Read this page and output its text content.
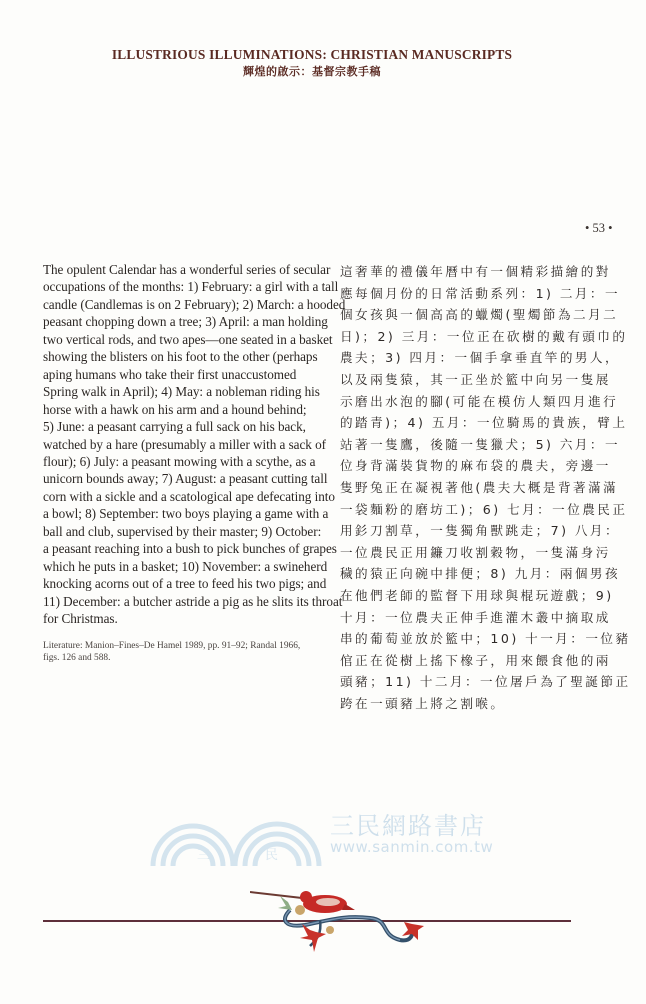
ILLUSTRIOUS ILLUMINATIONS: CHRISTIAN MANUSCRIPTS
輝煌的啟示：基督宗教手稿
• 53 •
The opulent Calendar has a wonderful series of secular
occupations of the months: 1) February: a girl with a tall
candle (Candlemas is on 2 February); 2) March: a hooded
peasant chopping down a tree; 3) April: a man holding
two vertical rods, and two apes—one seated in a basket
showing the blisters on his foot to the other (perhaps
aping humans who take their first unaccustomed
Spring walk in April); 4) May: a nobleman riding his
horse with a hawk on his arm and a hound behind;
5) June: a peasant carrying a full sack on his back,
watched by a hare (presumably a miller with a sack of
flour); 6) July: a peasant mowing with a scythe, as a
unicorn bounds away; 7) August: a peasant cutting tall
corn with a sickle and a scatological ape defecating into
a bowl; 8) September: two boys playing a game with a
ball and club, supervised by their master; 9) October:
a peasant reaching into a bush to pick bunches of grapes
which he puts in a basket; 10) November: a swineherd
knocking acorns out of a tree to feed his two pigs; and
11) December: a butcher astride a pig as he slits its throat
for Christmas.
Literature: Manion–Fines–De Hamel 1989, pp. 91–92; Randal 1966,
figs. 126 and 588.
這奢華的禮儀年曆中有一個精彩描繪的對
應每個月份的日常活動系列：1) 二月：一
個女孩與一個高高的蠟燭(聖燭節為二月二
日)；2) 三月：一位正在砍樹的戴有頭巾的
農夫；3) 四月：一個手拿垂直竿的男人，
以及兩隻猿，其一正坐於籃中向另一隻展
示磨出水泡的腳(可能在模仿人類四月進行
的踏青)；4) 五月：一位騎馬的貴族，臂上
站著一隻鷹，後隨一隻獵犬；5) 六月：一
位身背滿裝貨物的麻布袋的農夫，旁邊一
隻野兔正在凝視著他(農夫大概是背著滿滿
一袋麵粉的磨坊工)；6) 七月：一位農民正
用釤刀割草，一隻獨角獸跳走；7) 八月：
一位農民正用鐮刀收割穀物，一隻滿身污
穢的猿正向碗中排便；8) 九月：兩個男孩
在他們老師的監督下用球與棍玩遊戲；9)
十月：一位農夫正伸手進灌木叢中摘取成
串的葡萄並放於籃中；10) 十一月：一位豬
倌正在從樹上搖下橡子，用來餵食他的兩
頭豬；11) 十二月：一位屠戶為了聖誕節正
跨在一頭豬上將之割喉。
三	民
三民網路書店
www.sanmin.com.tw
